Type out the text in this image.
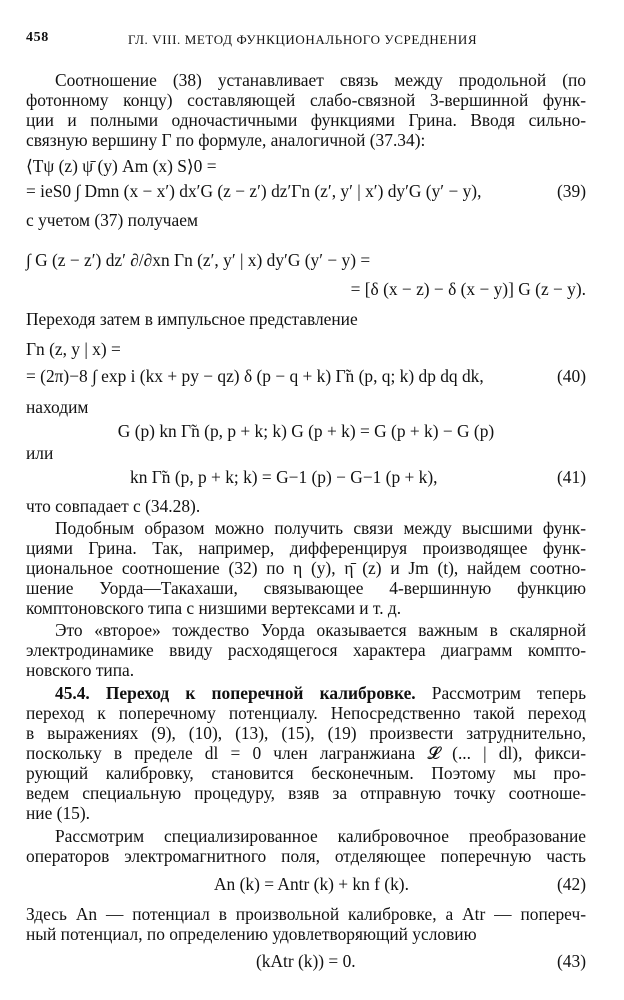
458	ГЛ. VIII. МЕТОД ФУНКЦИОНАЛЬНОГО УСРЕДНЕНИЯ
Соотношение (38) устанавливает связь между продольной (по
фотонному концу) составляющей слабо-связной 3-вершинной функ-
ции и полными одночастичными функциями Грина. Вводя сильно-
связную вершину Γ по формуле, аналогичной (37.34):
⟨Tψ (z) ψ̄ (y) Am (x) S⟩0 =
= ieS0 ∫ Dmn (x − x′) dx′G (z − z′) dz′Γn (z′, y′ | x′) dy′G (y′ − y),	(39)
с учетом (37) получаем
∫ G (z − z′) dz′ ∂/∂xn Γn (z′, y′ | x) dy′G (y′ − y) =
= [δ (x − z) − δ (x − y)] G (z − y).
Переходя затем в импульсное представление
Γn (z, y | x) =
= (2π)−8 ∫ exp i (kx + py − qz) δ (p − q + k) Γ̃n (p, q; k) dp dq dk,	(40)
находим
G (p) kn Γ̃n (p, p + k; k) G (p + k) = G (p + k) − G (p)
или
kn Γ̃n (p, p + k; k) = G−1 (p) − G−1 (p + k),	(41)
что совпадает с (34.28).
Подобным образом можно получить связи между высшими функ-
циями Грина. Так, например, дифференцируя производящее функ-
циональное соотношение (32) по η (y), η̄ (z) и Jm (t), найдем соотно-
шение Уорда—Такахаши, связывающее 4-вершинную функцию
комптоновского типа с низшими вертексами и т. д.
Это «второе» тождество Уорда оказывается важным в скалярной
электродинамике ввиду расходящегося характера диаграмм компто-
новского типа.
45.4. Переход к поперечной калибровке. Рассмотрим теперь
переход к поперечному потенциалу. Непосредственно такой переход
в выражениях (9), (10), (13), (15), (19) произвести затруднительно,
поскольку в пределе dl = 0 член лагранжиана 𝓛 (... | dl), фикси-
рующий калибровку, становится бесконечным. Поэтому мы про-
ведем специальную процедуру, взяв за отправную точку соотноше-
ние (15).
Рассмотрим специализированное калибровочное преобразование
операторов электромагнитного поля, отделяющее поперечную часть
An (k) = Antr (k) + kn f (k).	(42)
Здесь An — потенциал в произвольной калибровке, а Atr — попереч-
ный потенциал, по определению удовлетворяющий условию
(kAtr (k)) = 0.	(43)
